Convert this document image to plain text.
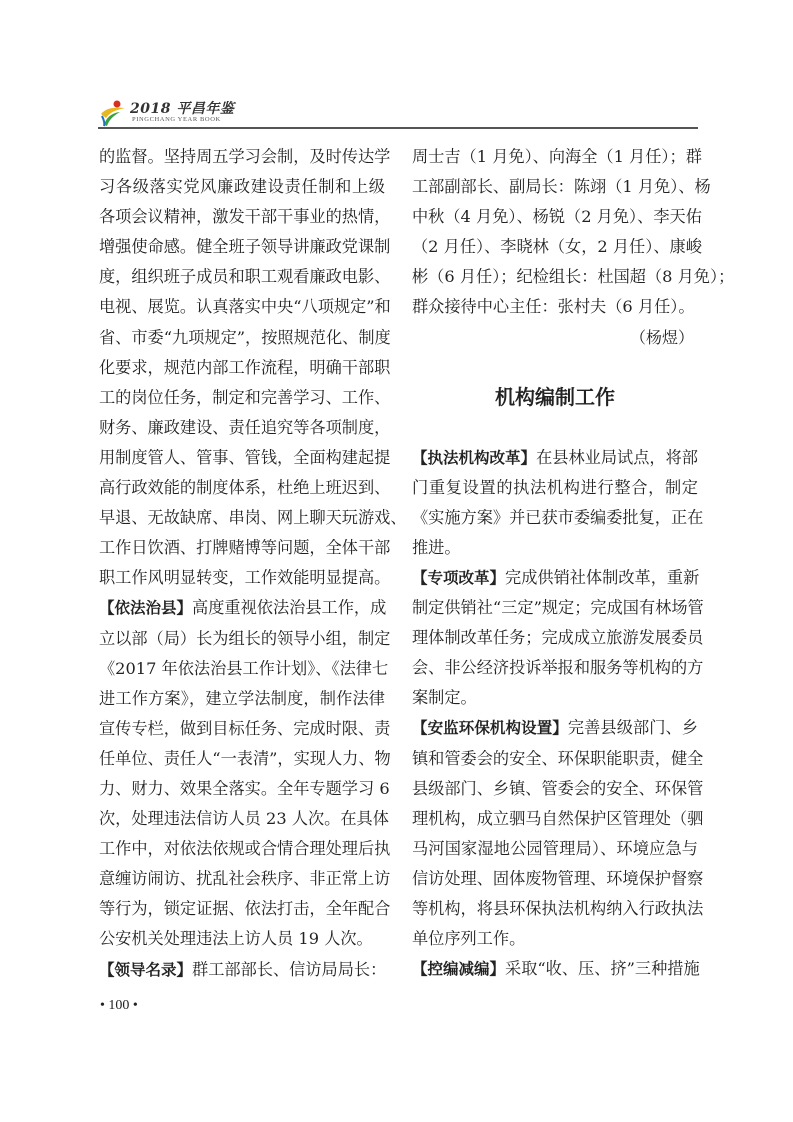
2018 平昌年鉴
PINGCHANG YEAR BOOK
的监督。坚持周五学习会制，及时传达学
习各级落实党风廉政建设责任制和上级
各项会议精神，激发干部干事业的热情，
增强使命感。健全班子领导讲廉政党课制
度，组织班子成员和职工观看廉政电影、
电视、展览。认真落实中央“八项规定”和
省、市委“九项规定”，按照规范化、制度
化要求，规范内部工作流程，明确干部职
工的岗位任务，制定和完善学习、工作、
财务、廉政建设、责任追究等各项制度，
用制度管人、管事、管钱，全面构建起提
高行政效能的制度体系，杜绝上班迟到、
早退、无故缺席、串岗、网上聊天玩游戏、
工作日饮酒、打牌赌博等问题，全体干部
职工作风明显转变，工作效能明显提高。
【依法治县】高度重视依法治县工作，成
立以部（局）长为组长的领导小组，制定
《2017 年依法治县工作计划》、《法律七
进工作方案》，建立学法制度，制作法律
宣传专栏，做到目标任务、完成时限、责
任单位、责任人“一表清”，实现人力、物
力、财力、效果全落实。全年专题学习 6
次，处理违法信访人员 23 人次。在具体
工作中，对依法依规或合情合理处理后执
意缠访闹访、扰乱社会秩序、非正常上访
等行为，锁定证据、依法打击，全年配合
公安机关处理违法上访人员 19 人次。
【领导名录】群工部部长、信访局局长：
周士吉（1 月免）、向海全（1 月任）；群
工部副部长、副局长：陈翊（1 月免）、杨
中秋（4 月免）、杨锐（2 月免）、李天佑
（2 月任）、李晓林（女，2 月任）、康峻
彬（6 月任）；纪检组长：杜国超（8 月免）；
群众接待中心主任：张村夫（6 月任）。
（杨煜）
机构编制工作
【执法机构改革】在县林业局试点，将部
门重复设置的执法机构进行整合，制定
《实施方案》并已获市委编委批复，正在
推进。
【专项改革】完成供销社体制改革，重新
制定供销社“三定”规定；完成国有林场管
理体制改革任务；完成成立旅游发展委员
会、非公经济投诉举报和服务等机构的方
案制定。
【安监环保机构设置】完善县级部门、乡
镇和管委会的安全、环保职能职责，健全
县级部门、乡镇、管委会的安全、环保管
理机构，成立驷马自然保护区管理处（驷
马河国家湿地公园管理局）、环境应急与
信访处理、固体废物管理、环境保护督察
等机构，将县环保执法机构纳入行政执法
单位序列工作。
【控编减编】采取“收、压、挤”三种措施
• 100 •
